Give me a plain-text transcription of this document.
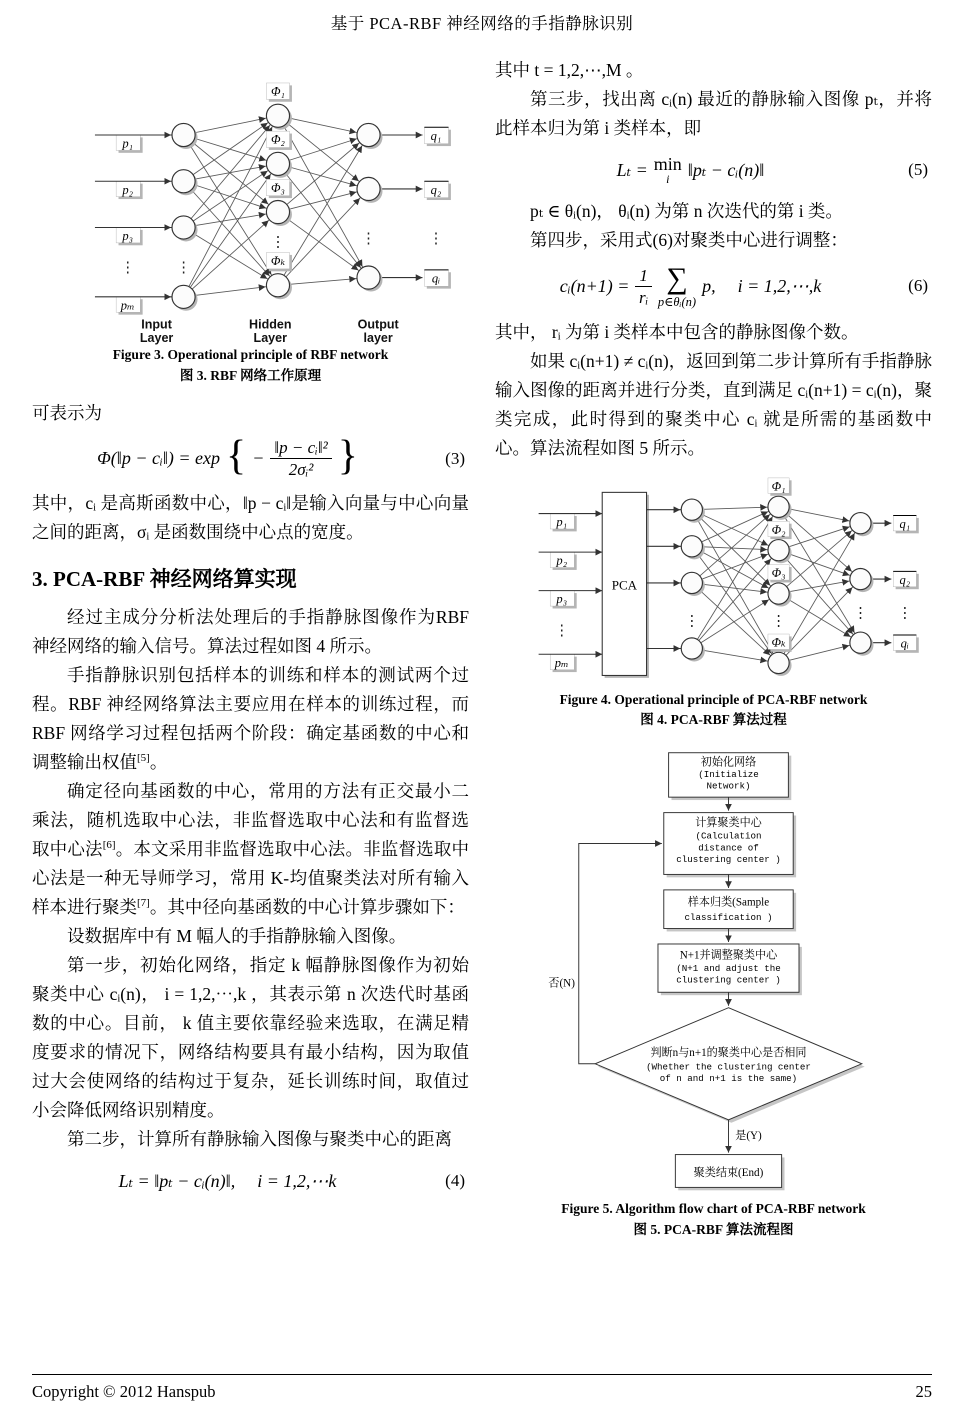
基于 PCA-RBF 神经网络的手指静脉识别
p₁
p₂
p₃
pₘ
Φ₁
Φ₂
Φ₃
Φₖ
q₁
q₂
qᵢ
⋮	⋮
⋮	⋮	⋮
Input
Layer
Hidden
Layer
Output
layer
Figure 3. Operational principle of RBF network
图 3. RBF 网络工作原理

可表示为

Φ(‖p − cᵢ‖) = exp { − $\frac{\text{‖p − cᵢ‖²}}{\text{2σᵢ²}}$ }	(3)

其中，cᵢ 是高斯函数中心，‖p − cᵢ‖是输入向量与中心向量之间的距离，σᵢ 是函数围绕中心点的宽度。

3. PCA-RBF 神经网络算实现

经过主成分分析法处理后的手指静脉图像作为RBF 神经网络的输入信号。算法过程如图 4 所示。

手指静脉识别包括样本的训练和样本的测试两个过程。RBF 神经网络算法主要应用在样本的训练过程，而 RBF 网络学习过程包括两个阶段：确定基函数的中心和调整输出权值[5]。

确定径向基函数的中心，常用的方法有正交最小二乘法，随机选取中心法，非监督选取中心法和有监督选取中心法[6]。本文采用非监督选取中心法。非监督选取中心法是一种无导师学习，常用 K-均值聚类法对所有输入样本进行聚类[7]。其中径向基函数的中心计算步骤如下：

设数据库中有 M 幅人的手指静脉输入图像。

第一步，初始化网络，指定 k 幅静脉图像作为初始聚类中心 cᵢ(n)， i = 1,2,⋯,k ，其表示第 n 次迭代时基函数的中心。目前， k 值主要依靠经验来选取，在满足精度要求的情况下，网络结构要具有最小结构，因为取值过大会使网络的结构过于复杂，延长训练时间，取值过小会降低网络识别精度。

第二步，计算所有静脉输入图像与聚类中心的距离

Lₜ = ‖pₜ − cᵢ(n)‖, i = 1,2,⋯k	(4)

其中 t = 1,2,⋯,M 。

第三步，找出离 cᵢ(n) 最近的静脉输入图像 pₜ，并将此样本归为第 i 类样本，即

Lₜ = min
i ‖pₜ − cᵢ(n)‖	(5)

pₜ ∈ θᵢ(n)， θᵢ(n) 为第 n 次迭代的第 i 类。

第四步，采用式(6)对聚类中心进行调整：

cᵢ(n+1) = $\frac{1}{\text{rᵢ}}$ ∑
p∈θᵢ(n)
p, i = 1,2,⋯,k	(6)

其中， rᵢ 为第 i 类样本中包含的静脉图像个数。

如果 cᵢ(n+1) ≠ cᵢ(n)，返回到第二步计算所有手指静脉输入图像的距离并进行分类，直到满足 cᵢ(n+1) = cᵢ(n)，聚类完成，此时得到的聚类中心 cᵢ 就是所需的基函数中心。算法流程如图 5 所示。

PCA
p₁
p₂
p₃
pₘ
Φ₁
Φ₂
Φ₃
Φₖ
q₁
q₂
qᵢ
⋮
⋮	⋮	⋮ ⋮
Figure 4. Operational principle of PCA-RBF network
图 4. PCA-RBF 算法过程
初始化网络
(Initialize
Network)
计算聚类中心
(Calculation
distance of
clustering center )
样本归类(Sample
classification )
N+1并调整聚类中心
(N+1 and adjust the
clustering center )
判断n与n+1的聚类中心是否相同
(Whether the clustering center
of n and n+1 is the same)
否(N)
是(Y)
聚类结束(End)
Figure 5. Algorithm flow chart of PCA-RBF network
图 5. PCA-RBF 算法流程图
Copyright © 2012 Hanspub	25
